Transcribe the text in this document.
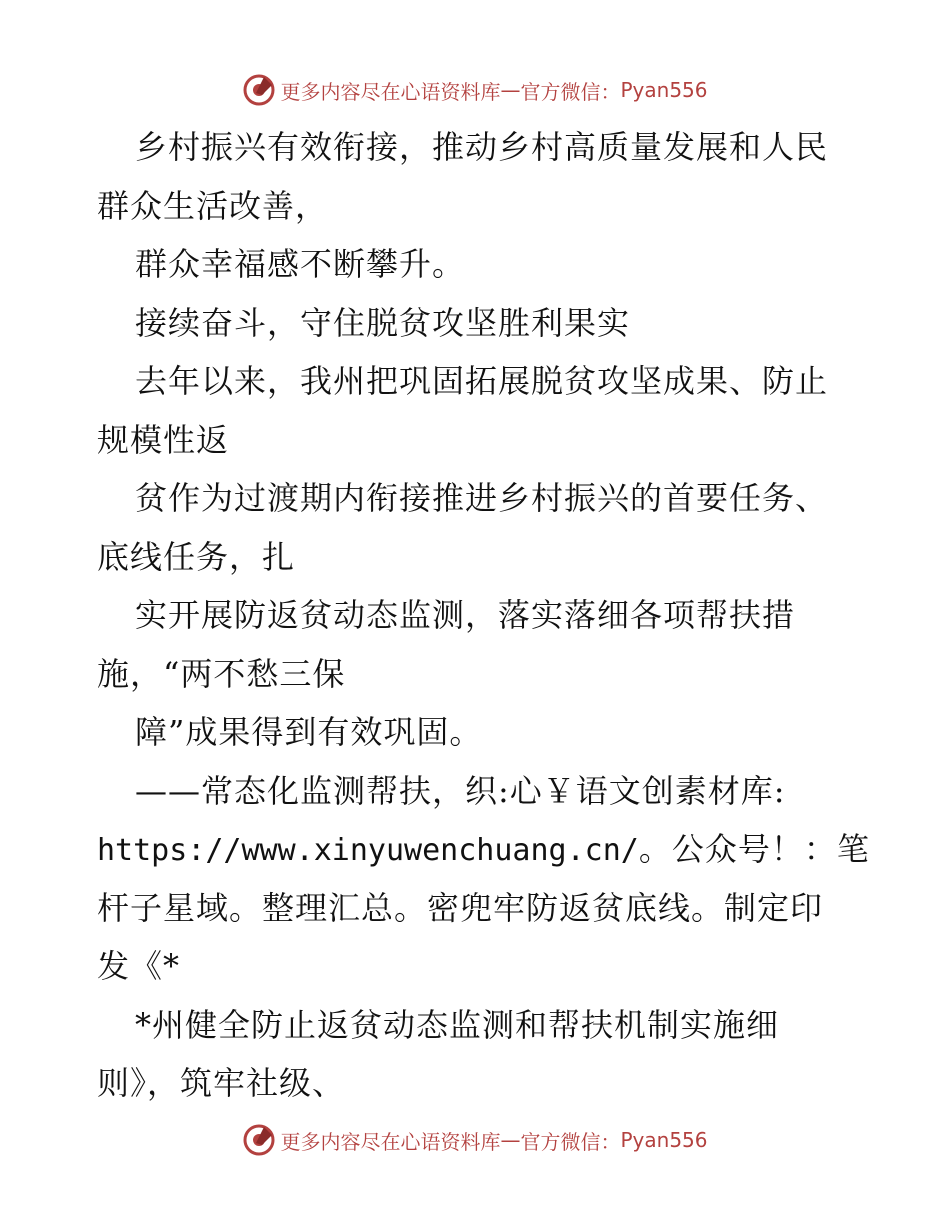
更多内容尽在心语资料库 — 官方微信： Pyan556
乡村振兴有效衔接，推动乡村高质量发展和人民
群众生活改善，
群众幸福感不断攀升。
接续奋斗，守住脱贫攻坚胜利果实
去年以来，我州把巩固拓展脱贫攻坚成果、防止
规模性返
贫作为过渡期内衔接推进乡村振兴的首要任务、
底线任务，扎
实开展防返贫动态监测，落实落细各项帮扶措
施，“两不愁三保
障”成果得到有效巩固。
——常态化监测帮扶，织:心￥语文创素材库:
https://www.xinyuwenchuang.cn/。公众号！：笔
杆子星域。整理汇总。密兜牢防返贫底线。制定印
发《*
*州健全防止返贫动态监测和帮扶机制实施细
则》，筑牢社级、
更多内容尽在心语资料库 — 官方微信： Pyan556
